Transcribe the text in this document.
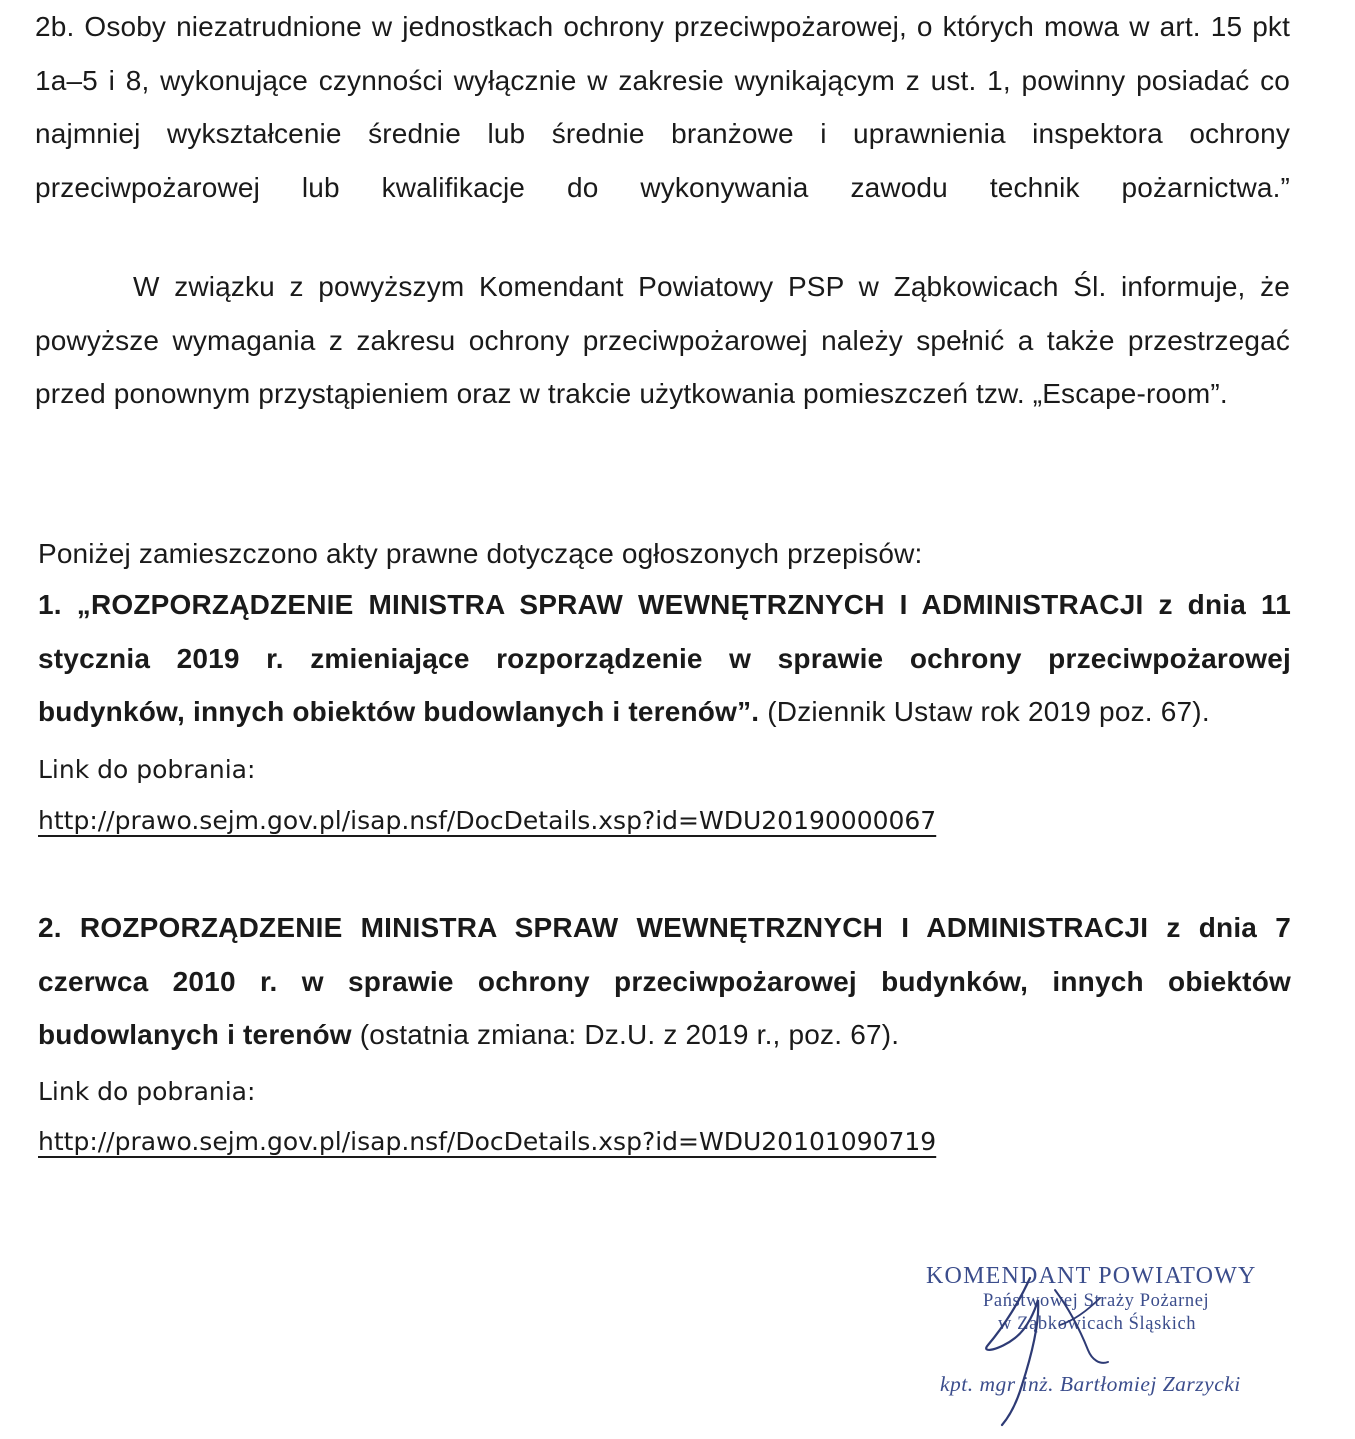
2b. Osoby niezatrudnione w jednostkach ochrony przeciwpożarowej, o których mowa w art. 15 pkt 1a–5 i 8, wykonujące czynności wyłącznie w zakresie wynikającym z ust. 1, powinny posiadać co najmniej wykształcenie średnie lub średnie branżowe i uprawnienia inspektora ochrony przeciwpożarowej lub kwalifikacje do wykonywania zawodu technik pożarnictwa.”

W związku z powyższym Komendant Powiatowy PSP w Ząbkowicach Śl. informuje, że powyższe wymagania z zakresu ochrony przeciwpożarowej należy spełnić a także przestrzegać przed ponownym przystąpieniem oraz w trakcie użytkowania pomieszczeń tzw. „Escape-room”.

Poniżej zamieszczono akty prawne dotyczące ogłoszonych przepisów:

1. „ROZPORZĄDZENIE MINISTRA SPRAW WEWNĘTRZNYCH I ADMINISTRACJI z dnia 11 stycznia 2019 r. zmieniające rozporządzenie w sprawie ochrony przeciwpożarowej budynków, innych obiektów budowlanych i terenów”. (Dziennik Ustaw rok 2019 poz. 67).

Link do pobrania:

http://prawo.sejm.gov.pl/isap.nsf/DocDetails.xsp?id=WDU20190000067

2. ROZPORZĄDZENIE MINISTRA SPRAW WEWNĘTRZNYCH I ADMINISTRACJI z dnia 7 czerwca 2010 r. w sprawie ochrony przeciwpożarowej budynków, innych obiektów budowlanych i terenów (ostatnia zmiana: Dz.U. z 2019 r., poz. 67).

Link do pobrania:

http://prawo.sejm.gov.pl/isap.nsf/DocDetails.xsp?id=WDU20101090719

KOMENDANT POWIATOWY

Państwowej Straży Pożarnej

w Ząbkowicach Śląskich

kpt. mgr inż. Bartłomiej Zarzycki
